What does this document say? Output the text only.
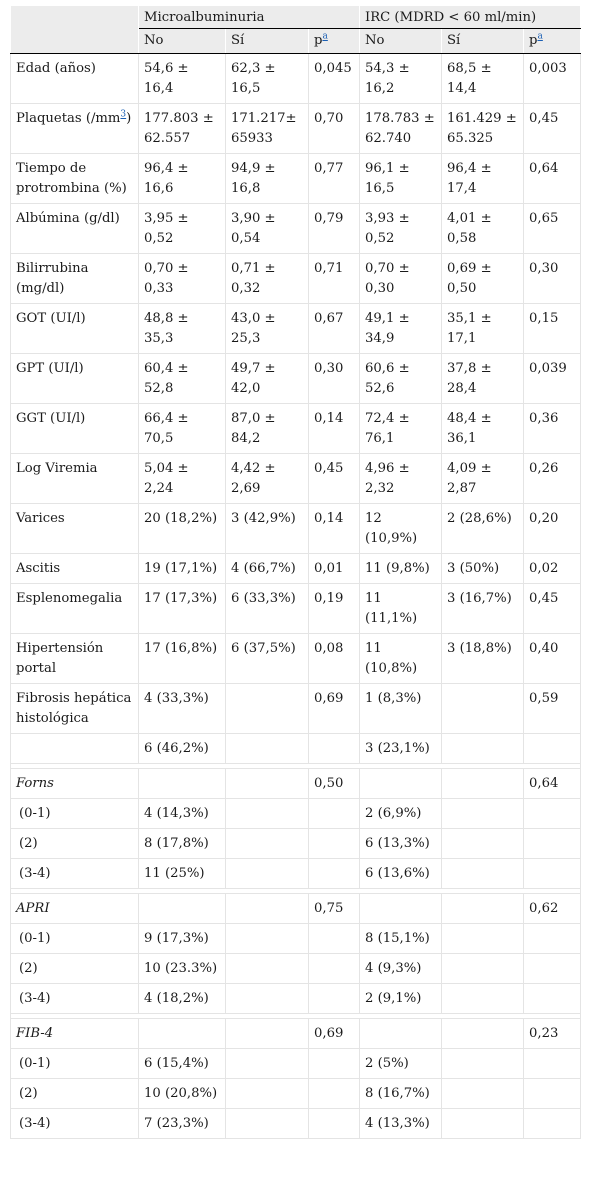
	Microalbuminuria			IRC (MDRD < 60 ml/min)		
	No	Sí	$p^a$	No	Sí	$p^a$
Edad (años)	54,6 ± 16,4	62,3 ± 16,5	0,045	54,3 ± 16,2	68,5 ± 14,4	0,003
Plaquetas $(/mm^3)$	177.803 ± 62.557	171.217± 65933	0,70	178.783 ± 62.740	161.429 ± 65.325	0,45
Tiempo de protrombina (%)	96,4 ± 16,6	94,9 ± 16,8	0,77	96,1 ± 16,5	96,4 ± 17,4	0,64
Albúmina (g/dl)	3,95 ± 0,52	3,90 ± 0,54	0,79	3,93 ± 0,52	4,01 ± 0,58	0,65
Bilirrubina (mg/dl)	0,70 ± 0,33	0,71 ± 0,32	0,71	0,70 ± 0,30	0,69 ± 0,50	0,30
GOT (UI/l)	48,8 ± 35,3	43,0 ± 25,3	0,67	49,1 ± 34,9	35,1 ± 17,1	0,15
GPT (UI/l)	60,4 ± 52,8	49,7 ± 42,0	0,30	60,6 ± 52,6	37,8 ± 28,4	0,039
GGT (UI/l)	66,4 ± 70,5	87,0 ± 84,2	0,14	72,4 ± 76,1	48,4 ± 36,1	0,36
Log Viremia	5,04 ± 2,24	4,42 ± 2,69	0,45	4,96 ± 2,32	4,09 ± 2,87	0,26
Varices	20 (18,2%)	3 (42,9%)	0,14	12 (10,9%)	2 (28,6%)	0,20
Ascitis	19 (17,1%)	4 (66,7%)	0,01	11 (9,8%)	3 (50%)	0,02
Esplenomegalia	17 (17,3%)	6 (33,3%)	0,19	11 (11,1%)	3 (16,7%)	0,45
Hipertensión portal	17 (16,8%)	6 (37,5%)	0,08	11 (10,8%)	3 (18,8%)	0,40
Fibrosis hepática histológica	4 (33,3%)		0,69	1 (8,3%)		0,59
	6 (46,2%)			3 (23,1%)		

Forns			0,50			0,64
(0-1)	4 (14,3%)			2 (6,9%)		
(2)	8 (17,8%)			6 (13,3%)		
(3-4)	11 (25%)			6 (13,6%)		

APRI			0,75			0,62
(0-1)	9 (17,3%)			8 (15,1%)		
(2)	10 (23.3%)			4 (9,3%)		
(3-4)	4 (18,2%)			2 (9,1%)		

FIB-4			0,69			0,23
(0-1)	6 (15,4%)			2 (5%)		
(2)	10 (20,8%)			8 (16,7%)		
(3-4)	7 (23,3%)			4 (13,3%)		
